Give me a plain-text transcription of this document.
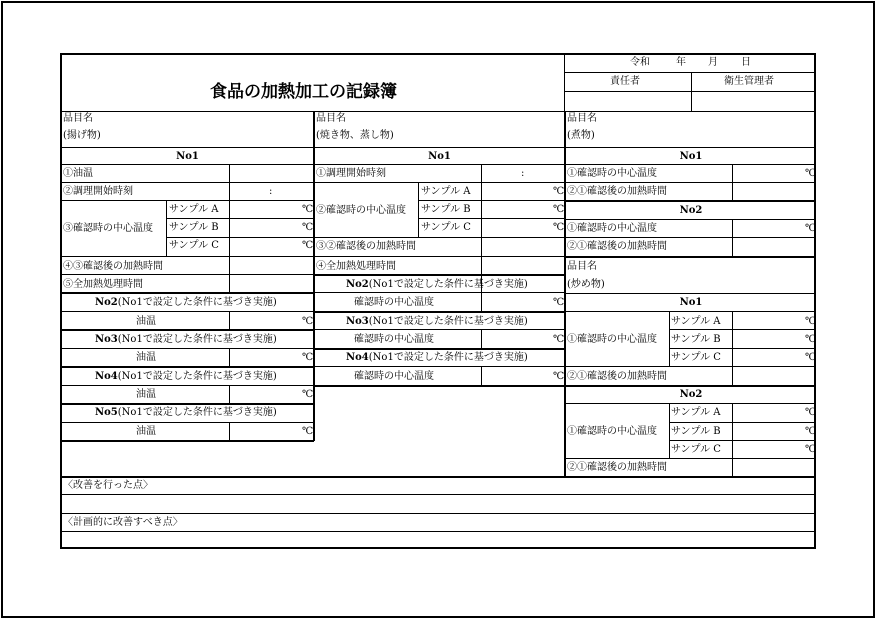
食品の加熱加工の記録簿
令和	年 月 日
責任者	衛生管理者
〈改善を行った点〉
〈計画的に改善すべき点〉
品目名
(揚げ物)
No1
①油温
②調理開始時刻	:
③確認時の中心温度
サンプル A	℃
サンプル B	℃
サンプル C	℃
④③確認後の加熱時間
⑤全加熱処理時間
No2(No1で設定した条件に基づき実施)
油温	℃
No3(No1で設定した条件に基づき実施)
油温	℃
No4(No1で設定した条件に基づき実施)
油温	℃
No5(No1で設定した条件に基づき実施)
油温	℃
品目名
(焼き物、蒸し物)
No1
①調理開始時刻	:
②確認時の中心温度
サンプル A	℃
サンプル B	℃
サンプル C	℃
③②確認後の加熱時間
④全加熱処理時間
No2(No1で設定した条件に基づき実施)
確認時の中心温度	℃
No3(No1で設定した条件に基づき実施)
確認時の中心温度	℃
No4(No1で設定した条件に基づき実施)
確認時の中心温度	℃
品目名
(煮物)
No1
①確認時の中心温度	℃
②①確認後の加熱時間
No2
①確認時の中心温度	℃
②①確認後の加熱時間
品目名
(炒め物)
No1
①確認時の中心温度
サンプル A	℃
サンプル B	℃
サンプル C	℃
②①確認後の加熱時間
No2
①確認時の中心温度
サンプル A	℃
サンプル B	℃
サンプル C	℃
②①確認後の加熱時間
